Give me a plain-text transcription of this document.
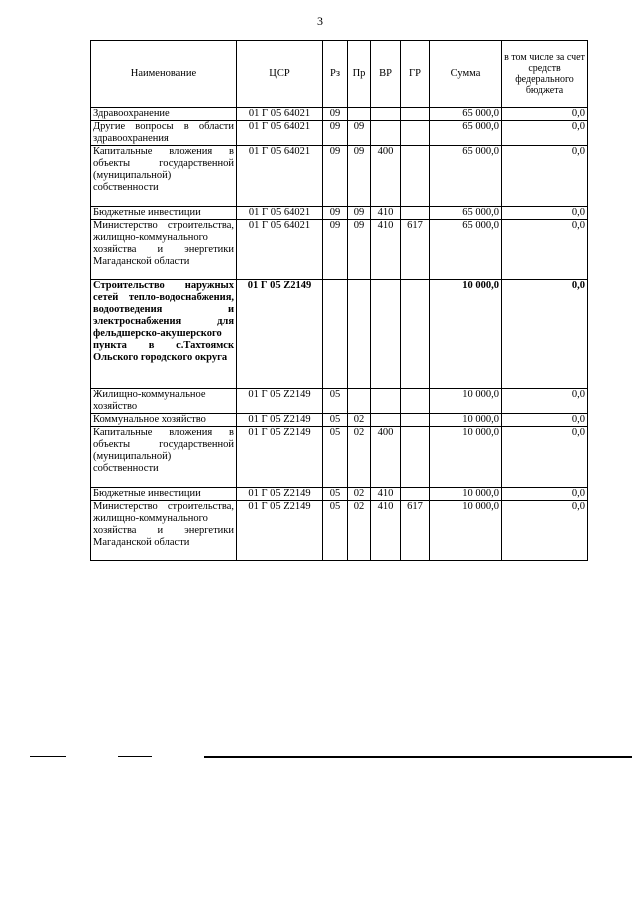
3
Наименование	ЦСР	Рз	Пр	ВР	ГР	Сумма	в том числе за счет средств федерального бюджета
Здравоохранение	01 Г 05 64021	09				65 000,0	0,0
Другие вопросы в области здравоохранения	01 Г 05 64021	09	09			65 000,0	0,0
Капитальные вложения в объекты государственной (муниципальной) собственности	01 Г 05 64021	09	09	400		65 000,0	0,0
Бюджетные инвестиции	01 Г 05 64021	09	09	410		65 000,0	0,0
Министерство строительства, жилищно-коммунального хозяйства и энергетики Магаданской области	01 Г 05 64021	09	09	410	617	65 000,0	0,0
Строительство наружных сетей тепло-водоснабжения, водоотведения и электроснабжения для фельдшерско-акушерского пункта в с.Тахтоямск Ольского городского округа	01 Г 05 Z2149					10 000,0	0,0
Жилищно-коммунальное хозяйство	01 Г 05 Z2149	05				10 000,0	0,0
Коммунальное хозяйство	01 Г 05 Z2149	05	02			10 000,0	0,0
Капитальные вложения в объекты государственной (муниципальной) собственности	01 Г 05 Z2149	05	02	400		10 000,0	0,0
Бюджетные инвестиции	01 Г 05 Z2149	05	02	410		10 000,0	0,0
Министерство строительства, жилищно-коммунального хозяйства и энергетики Магаданской области	01 Г 05 Z2149	05	02	410	617	10 000,0	0,0
